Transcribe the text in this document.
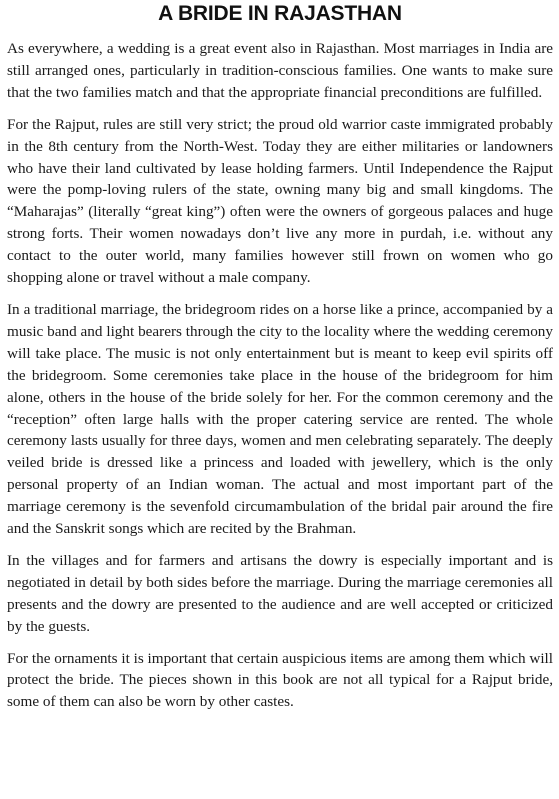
A BRIDE IN RAJASTHAN

As everywhere, a wedding is a great event also in Rajasthan. Most marriages in India are still arranged ones, particularly in tradition-conscious families. One wants to make sure that the two families match and that the appropriate financial preconditions are fulfilled.

For the Rajput, rules are still very strict; the proud old warrior caste immigrated probably in the 8th century from the North-West. Today they are either militaries or landowners who have their land cultivated by lease holding farmers. Until Independence the Rajput were the pomp-loving rulers of the state, owning many big and small kingdoms. The “Maharajas” (literally “great king”) often were the owners of gorgeous palaces and huge strong forts. Their women nowadays don’t live any more in purdah, i.e. without any contact to the outer world, many families however still frown on women who go shopping alone or travel without a male company.

In a traditional marriage, the bridegroom rides on a horse like a prince, accompanied by a music band and light bearers through the city to the locality where the wedding ceremony will take place. The music is not only entertainment but is meant to keep evil spirits off the bridegroom. Some ceremonies take place in the house of the bridegroom for him alone, others in the house of the bride solely for her. For the common ceremony and the “reception” often large halls with the proper catering service are rented. The whole ceremony lasts usually for three days, women and men celebrating separately. The deeply veiled bride is dressed like a princess and loaded with jewellery, which is the only personal property of an Indian woman. The actual and most important part of the marriage ceremony is the sevenfold circumambulation of the bridal pair around the fire and the Sanskrit songs which are recited by the Brahman.

In the villages and for farmers and artisans the dowry is especially important and is negotiated in detail by both sides before the marriage. During the marriage ceremonies all presents and the dowry are presented to the audience and are well accepted or criticized by the guests.

For the ornaments it is important that certain auspicious items are among them which will protect the bride. The pieces shown in this book are not all typical for a Rajput bride, some of them can also be worn by other castes.
